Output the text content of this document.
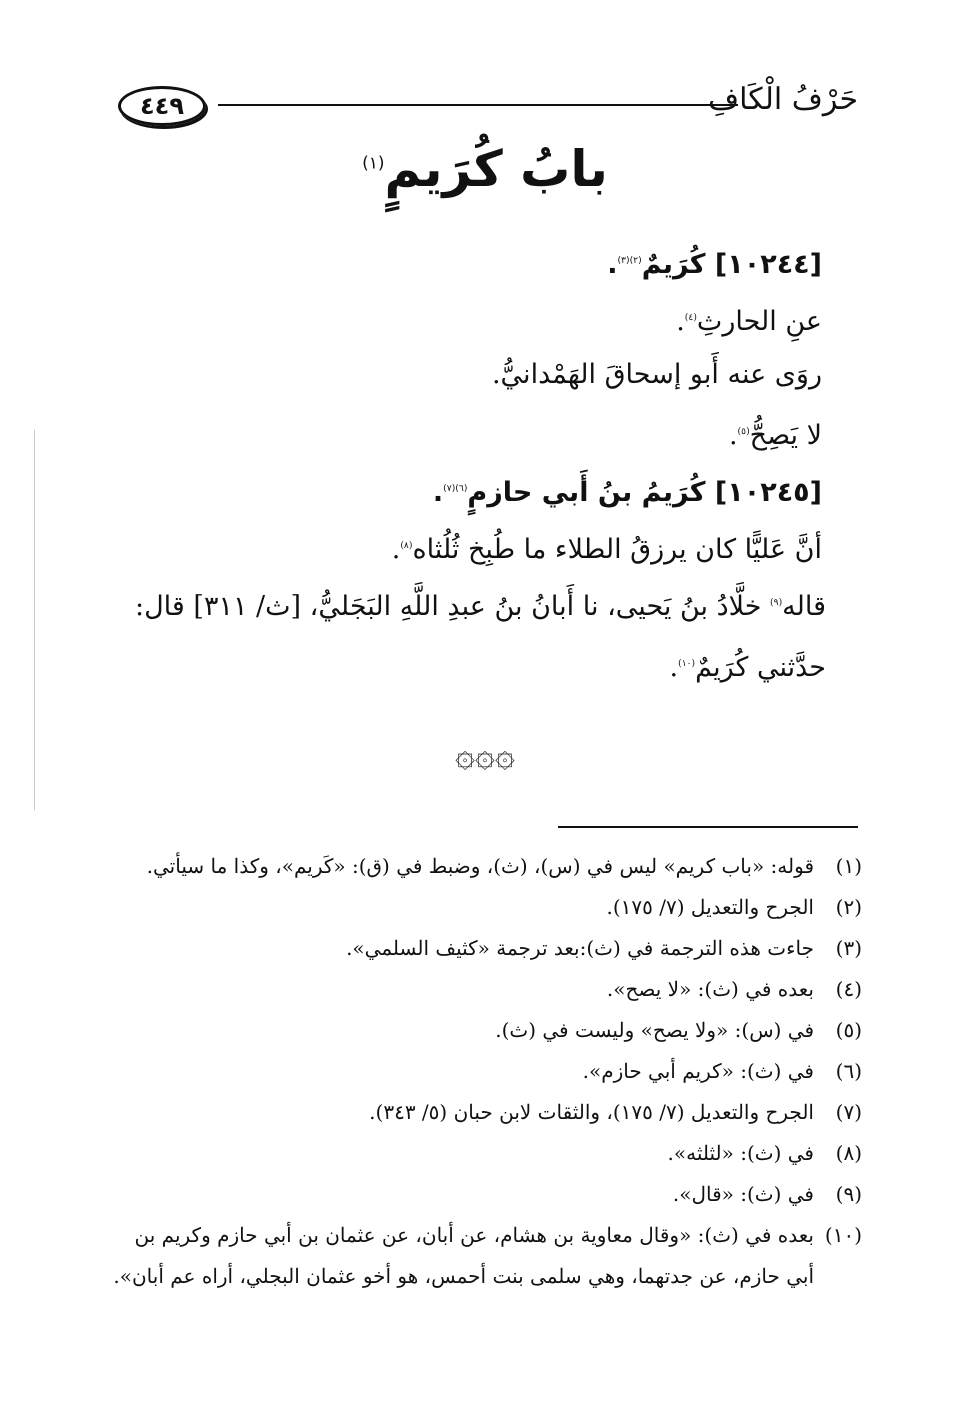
٤٤٩	حَرْفُ الْكَافِ
بابُ كُرَيمٍ$^{(١)}$
[١٠٢٤٤] كُرَيمٌ$^{(٢)(٣)}$.
عنِ الحارثِ$^{(٤)}$.
روَى عنه أَبو إسحاقَ الهَمْدانيُّ.
لا يَصِحُّ$^{(٥)}$.
[١٠٢٤٥] كُرَيمُ بنُ أَبي حازمٍ$^{(٦)(٧)}$.
أنَّ عَليًّا كان يرزقُ الطلاء ما طُبِخ ثُلُثاه$^{(٨)}$.
قاله$^{(٩)}$ خلَّادُ بنُ يَحيى، نا أَبانُ بنُ عبدِ اللَّهِ البَجَليُّ، [ث/ ٣١١] قال: حدَّثني كُرَيمٌ$^{(١٠)}$.
۞۞۞
(١)
قوله: «باب كريم» ليس في (س)، (ث)، وضبط في (ق): «كَريم»، وكذا ما سيأتي.
(٢)
الجرح والتعديل (٧/ ١٧٥).
(٣)
جاءت هذه الترجمة في (ث):بعد ترجمة «كثيف السلمي».
(٤)
بعده في (ث): «لا يصح».
(٥)
في (س): «ولا يصح» وليست في (ث).
(٦)
في (ث): «كريم أبي حازم».
(٧)
الجرح والتعديل (٧/ ١٧٥)، والثقات لابن حبان (٥/ ٣٤٣).
(٨)
في (ث): «لثلثه».
(٩)
في (ث): «قال».
(١٠)
بعده في (ث): «وقال معاوية بن هشام، عن أبان، عن عثمان بن أبي حازم وكريم بن أبي حازم، عن جدتهما، وهي سلمى بنت أحمس، هو أخو عثمان البجلي، أراه عم أبان».
